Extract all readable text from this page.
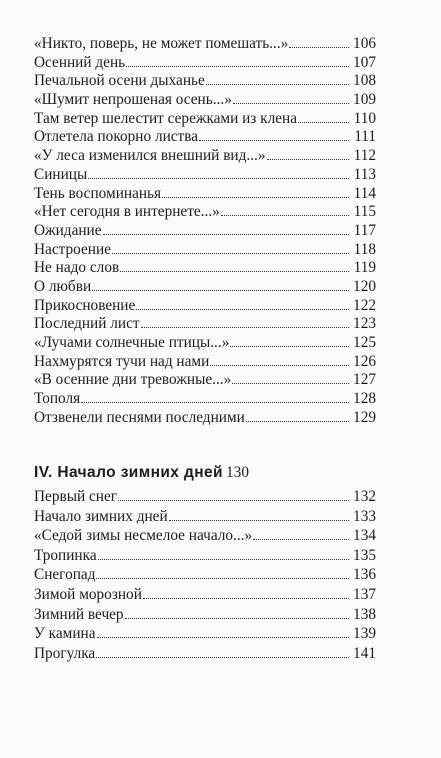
«Никто, поверь, не может помешать...»	106
Осенний день	107
Печальной осени дыханье	108
«Шумит непрошеная осень...»	109
Там ветер шелестит сережками из клена	110
Отлетела покорно листва	111
«У леса изменился внешний вид...»	112
Синицы	113
Тень воспоминанья	114
«Нет сегодня в интернете...»	115
Ожидание	117
Настроение	118
Не надо слов	119
О любви	120
Прикосновение	122
Последний лист	123
«Лучами солнечные птицы...»	125
Нахмурятся тучи над нами	126
«В осенние дни тревожные...»	127
Тополя	128
Отзвенели песнями последними	129
IV. Начало зимних дней 130
Первый снег	132
Начало зимних дней	133
«Седой зимы несмелое начало...»	134
Тропинка	135
Снегопад	136
Зимой морозной	137
Зимний вечер	138
У камина	139
Прогулка	141
